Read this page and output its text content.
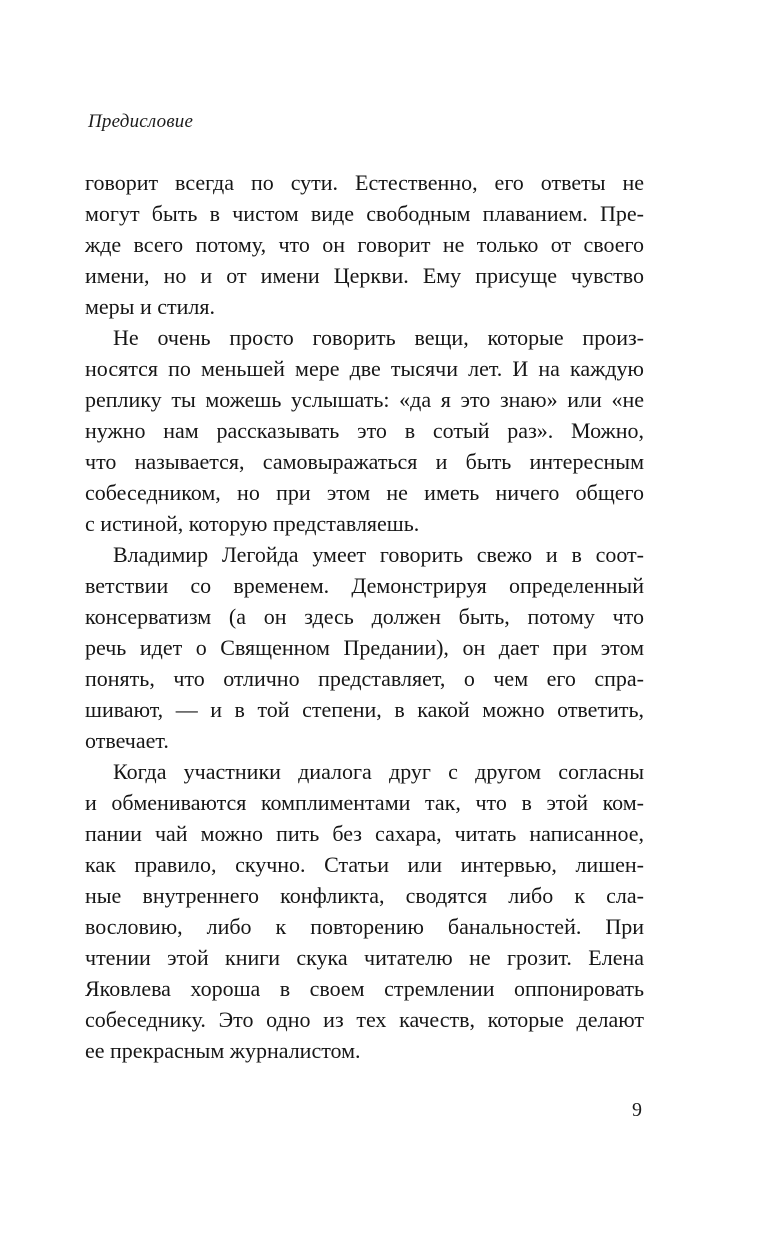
Предисловие
говорит всегда по сути. Естественно, его ответы не
могут быть в чистом виде свободным плаванием. Пре-
жде всего потому, что он говорит не только от своего
имени, но и от имени Церкви. Ему присуще чувство
меры и стиля.
Не очень просто говорить вещи, которые произ-
носятся по меньшей мере две тысячи лет. И на каждую
реплику ты можешь услышать: «да я это знаю» или «не
нужно нам рассказывать это в сотый раз». Можно,
что называется, самовыражаться и быть интересным
собеседником, но при этом не иметь ничего общего
с истиной, которую представляешь.
Владимир Легойда умеет говорить свежо и в соот-
ветствии со временем. Демонстрируя определенный
консерватизм (а он здесь должен быть, потому что
речь идет о Священном Предании), он дает при этом
понять, что отлично представляет, о чем его спра-
шивают, — и в той степени, в какой можно ответить,
отвечает.
Когда участники диалога друг с другом согласны
и обмениваются комплиментами так, что в этой ком-
пании чай можно пить без сахара, читать написанное,
как правило, скучно. Статьи или интервью, лишен-
ные внутреннего конфликта, сводятся либо к сла-
вословию, либо к повторению банальностей. При
чтении этой книги скука читателю не грозит. Елена
Яковлева хороша в своем стремлении оппонировать
собеседнику. Это одно из тех качеств, которые делают
ее прекрасным журналистом.
9
